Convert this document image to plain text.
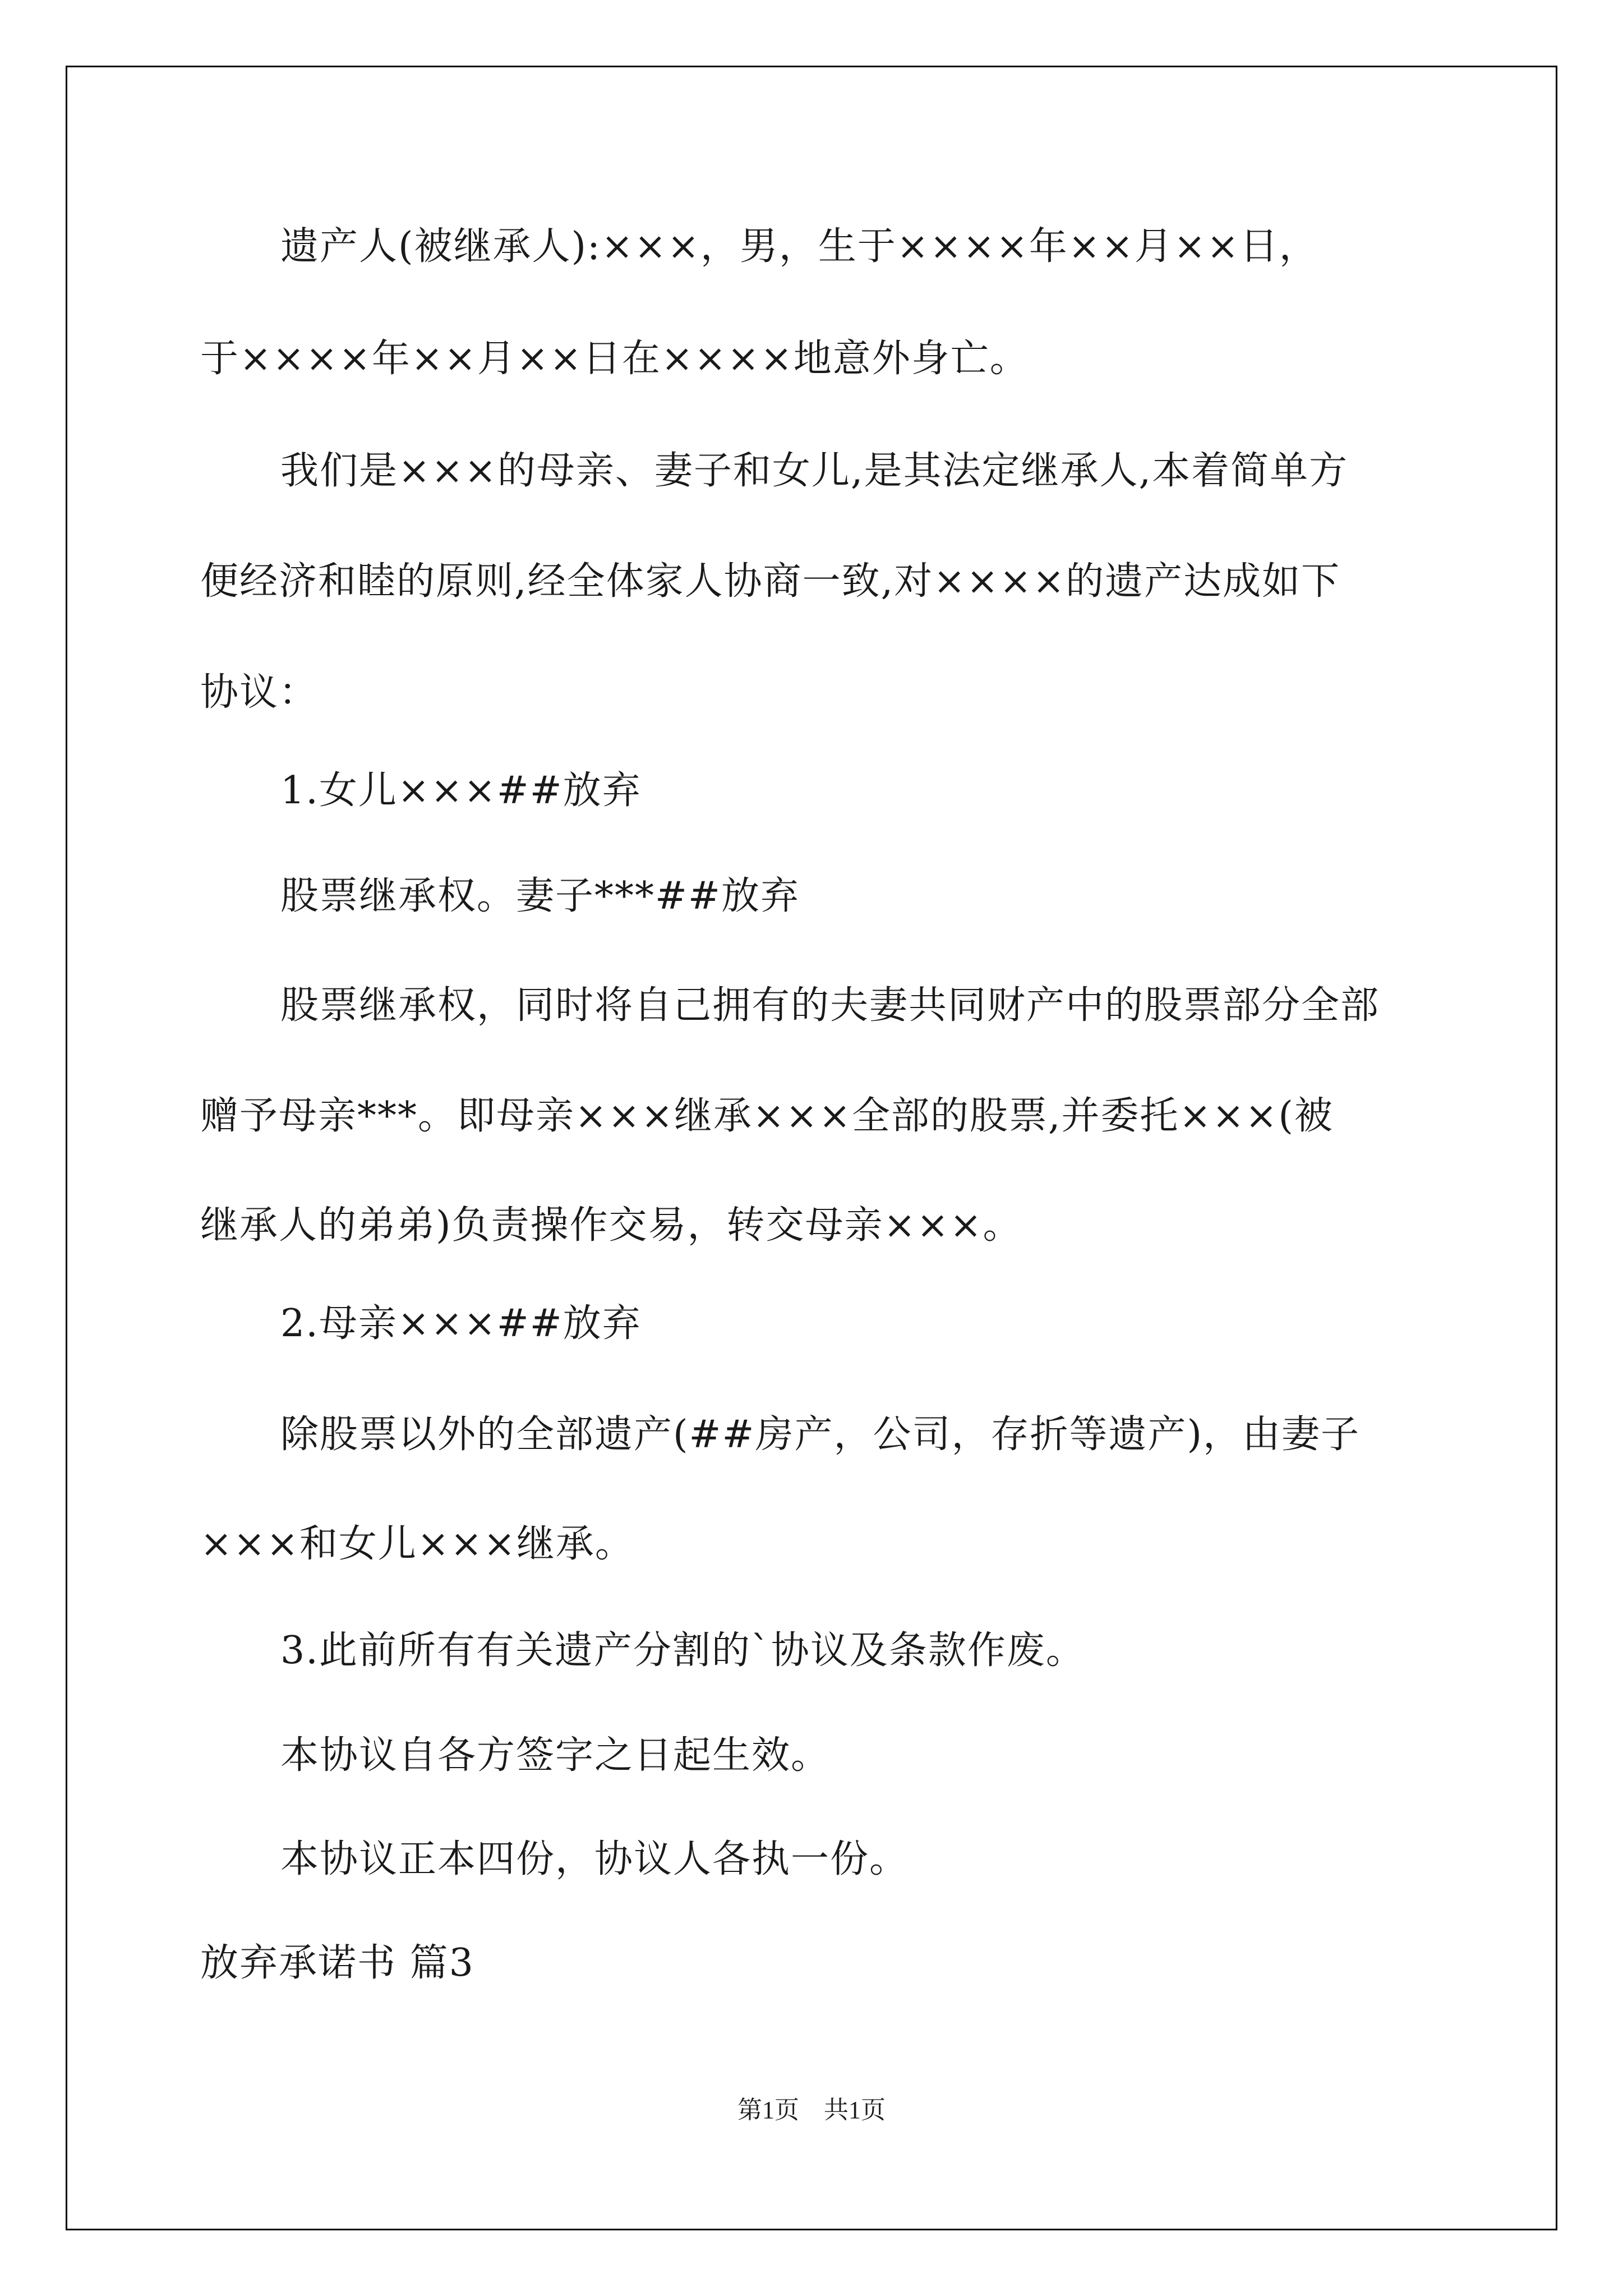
遗产人(被继承人):×××，男，生于××××年××月××日，
于××××年××月××日在××××地意外身亡。
我们是×××的母亲、妻子和女儿,是其法定继承人,本着简单方
便经济和睦的原则,经全体家人协商一致,对××××的遗产达成如下
协议：
1.女儿×××##放弃
股票继承权。妻子***##放弃
股票继承权，同时将自己拥有的夫妻共同财产中的股票部分全部
赠予母亲***。即母亲×××继承×××全部的股票,并委托×××(被
继承人的弟弟)负责操作交易，转交母亲×××。
2.母亲×××##放弃
除股票以外的全部遗产(##房产，公司，存折等遗产)，由妻子
×××和女儿×××继承。
3.此前所有有关遗产分割的`协议及条款作废。
本协议自各方签字之日起生效。
本协议正本四份，协议人各执一份。
放弃承诺书 篇3
第1页　共1页
